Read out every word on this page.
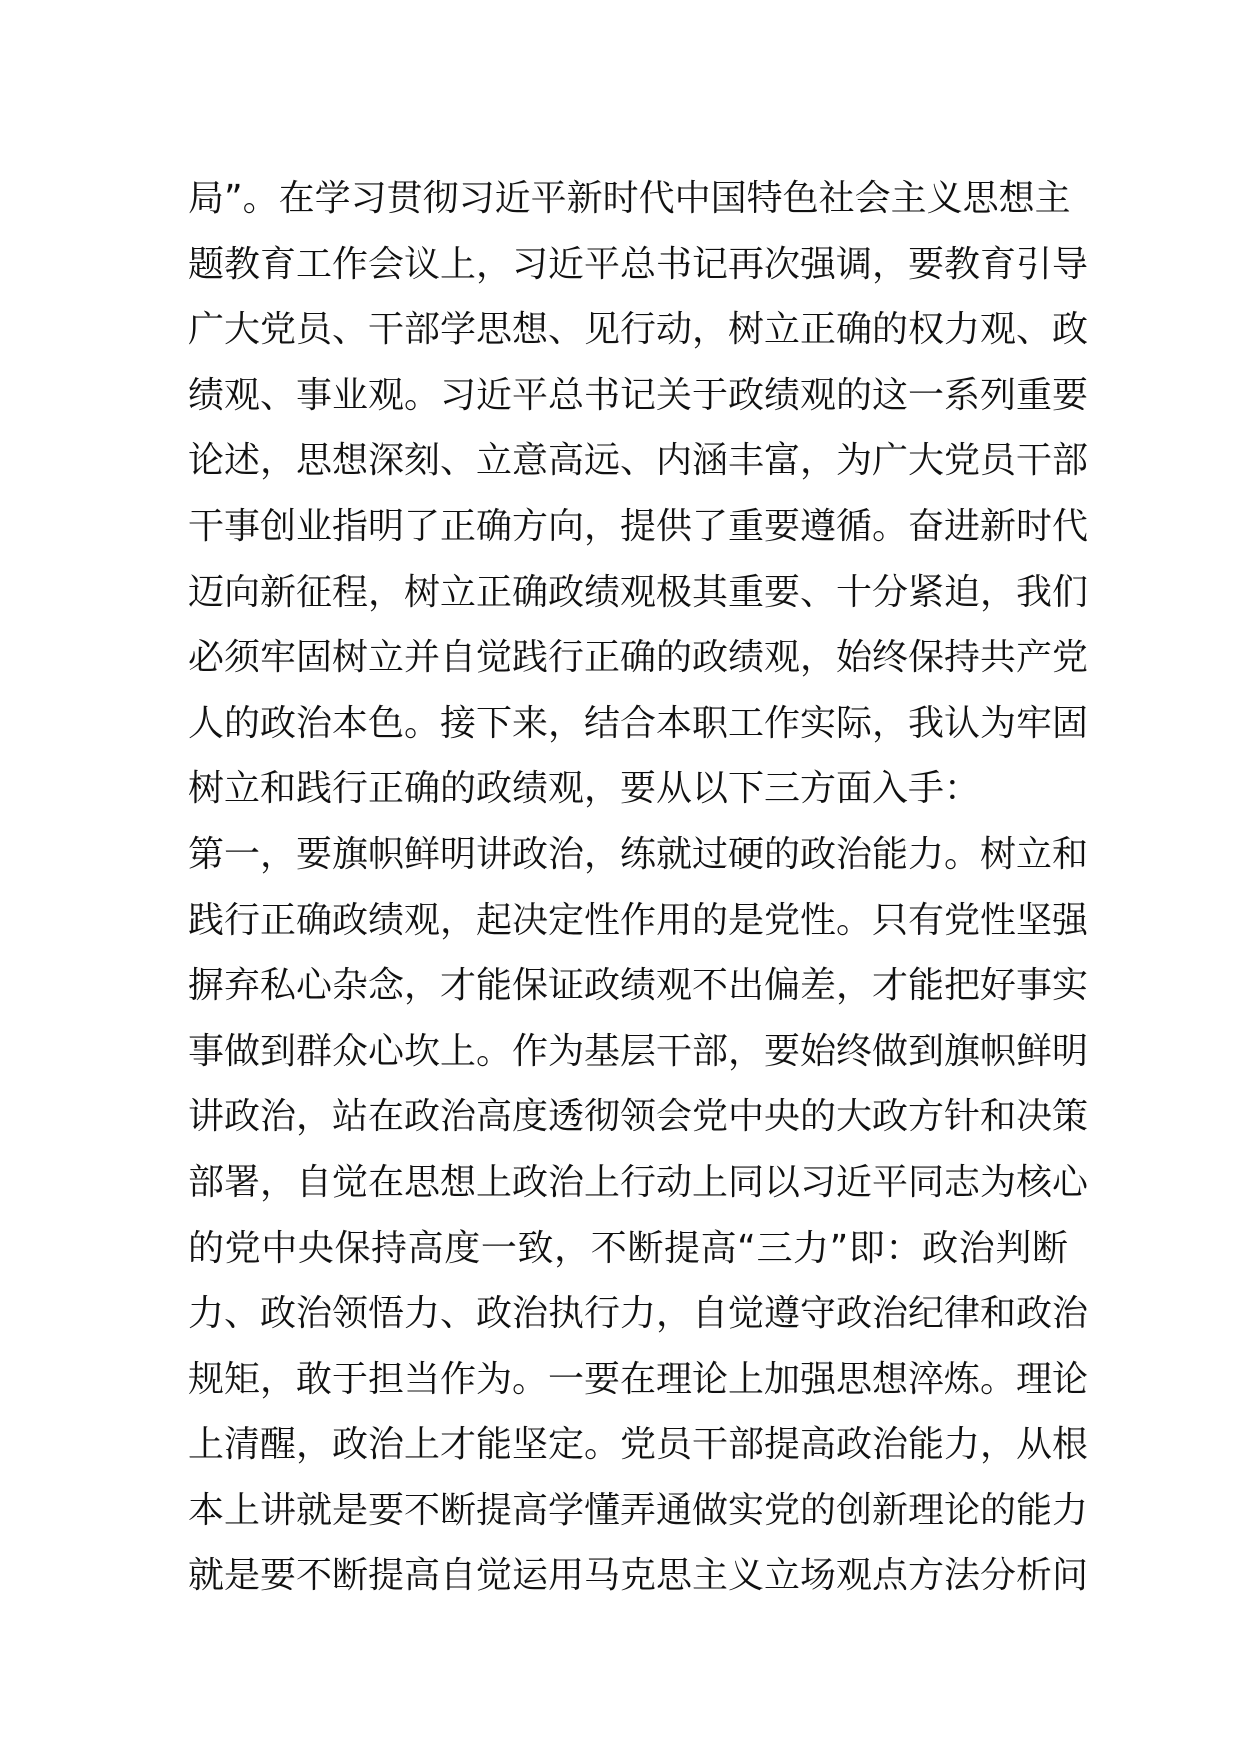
局”。在学习贯彻习近平新时代中国特色社会主义思想主
题教育工作会议上，习近平总书记再次强调，要教育引导
广大党员、干部学思想、见行动，树立正确的权力观、政
绩观、事业观。习近平总书记关于政绩观的这一系列重要
论述，思想深刻、立意高远、内涵丰富，为广大党员干部
干事创业指明了正确方向，提供了重要遵循。奋进新时代
迈向新征程，树立正确政绩观极其重要、十分紧迫，我们
必须牢固树立并自觉践行正确的政绩观，始终保持共产党
人的政治本色。接下来，结合本职工作实际，我认为牢固
树立和践行正确的政绩观，要从以下三方面入手：
第一，要旗帜鲜明讲政治，练就过硬的政治能力。树立和
践行正确政绩观，起决定性作用的是党性。只有党性坚强
摒弃私心杂念，才能保证政绩观不出偏差，才能把好事实
事做到群众心坎上。作为基层干部，要始终做到旗帜鲜明
讲政治，站在政治高度透彻领会党中央的大政方针和决策
部署，自觉在思想上政治上行动上同以习近平同志为核心
的党中央保持高度一致，不断提高“三力”即：政治判断
力、政治领悟力、政治执行力，自觉遵守政治纪律和政治
规矩，敢于担当作为。一要在理论上加强思想淬炼。理论
上清醒，政治上才能坚定。党员干部提高政治能力，从根
本上讲就是要不断提高学懂弄通做实党的创新理论的能力
就是要不断提高自觉运用马克思主义立场观点方法分析问
